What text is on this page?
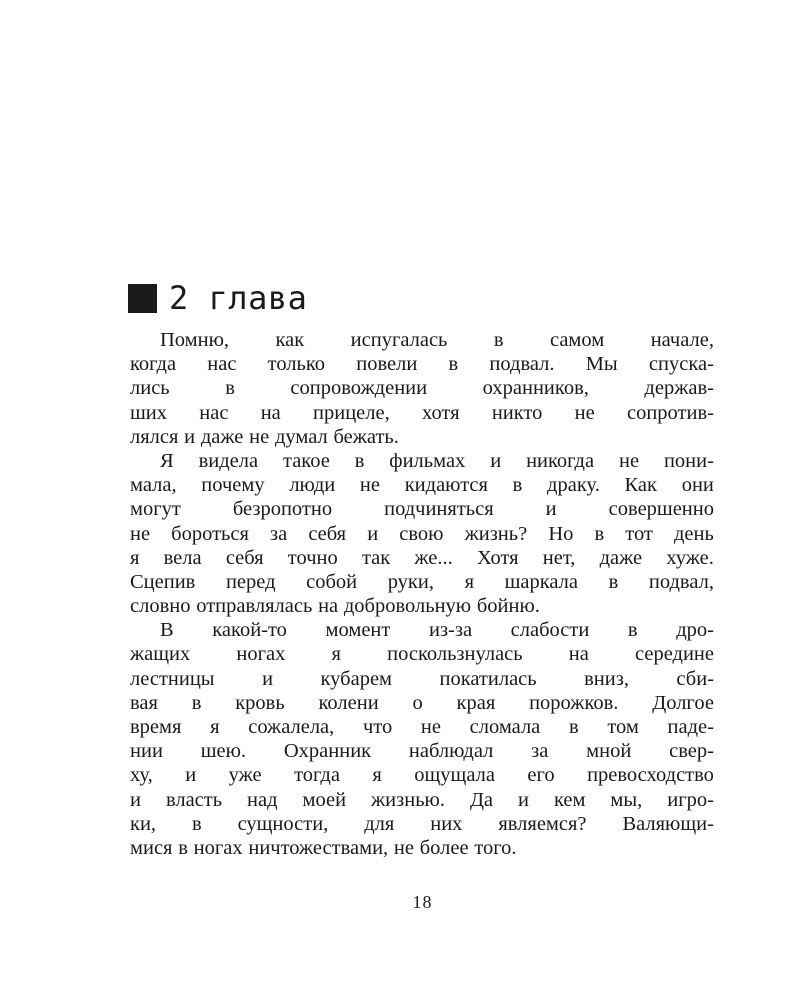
2 глава
Помню, как испугалась в самом начале,
когда нас только повели в подвал. Мы спуска-
лись	в	сопровождении	охранников,	держав-
ших нас на прицеле, хотя никто не сопротив-
лялся и даже не думал бежать.
Я видела такое в фильмах и никогда не пони-
мала, почему люди не кидаются в драку. Как они
могут	безропотно	подчиняться	и	совершенно
не бороться за себя и свою жизнь? Но в тот день
я вела себя точно так же... Хотя нет, даже хуже.
Сцепив перед собой руки, я шаркала в подвал,
словно отправлялась на добровольную бойню.
В какой-то момент из-за слабости в дро-
жащих ногах я поскользнулась на середине
лестницы и кубарем покатилась вниз, сби-
вая в кровь колени о края порожков. Долгое
время я сожалела, что не сломала в том паде-
нии шею. Охранник наблюдал за мной свер-
ху, и уже тогда я ощущала его превосходство
и власть над моей жизнью. Да и кем мы, игро-
ки, в сущности, для них являемся? Валяющи-
мися в ногах ничтожествами, не более того.
18
